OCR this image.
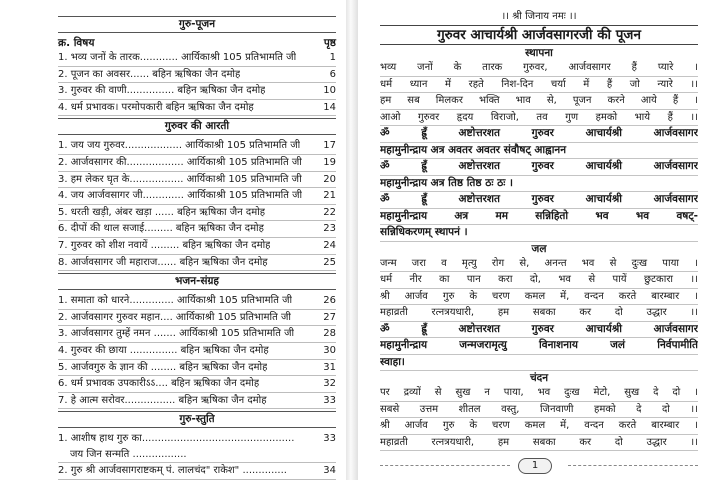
गुरु-पूजन
क्र. विषय	पृष्ठ
1. भव्य जनों के तारक............ आर्यिकाश्री 105 प्रतिभामति जी	1
2. पूजन का अवसर...... बहिन ऋषिका जैन दमोह	6
3. गुरुवर की वाणी............... बहिन ऋषिका जैन दमोह	10
4. धर्म प्रभावक। परमोपकारी बहिन ऋषिका जैन दमोह	14
गुरुवर की आरती
1. जय जय गुरुवर.................. आर्यिकाश्री 105 प्रतिभामति जी	17
2. आर्जवसागर की.................. आर्यिकाश्री 105 प्रतिभामति जी	19
3. हम लेकर घृत के................. आर्यिकाश्री 105 प्रतिभामति जी	20
4. जय आर्जवसागर जी............. आर्यिकाश्री 105 प्रतिभामति जी	21
5. धरती खड़ी, अंबर खड़ा ...... बहिन ऋषिका जैन दमोह	22
6. दीपों की थाल सजाई......... बहिन ऋषिका जैन दमोह	23
7. गुरुवर को शीश नवायें ......... बहिन ऋषिका जैन दमोह	24
8. आर्जवसागर जी महाराज...... बहिन ऋषिका जैन दमोह	25
भजन-संग्रह
1. समाता को धारने.............. आर्यिकाश्री 105 प्रतिभामति जी	26
2. आर्जवसागर गुरुवर महान.... आर्यिकाश्री 105 प्रतिभामति जी	27
3. आर्जवसागर तुम्हें नमन ....... आर्यिकाश्री 105 प्रतिभामति जी	28
4. गुरुवर की छाया ............... बहिन ऋषिका जैन दमोह	30
5. आर्जवगुरु के ज्ञान की ........ बहिन ऋषिका जैन दमोह	31
6. धर्म प्रभावक उपकारीऽऽ.... बहिन ऋषिका जैन दमोह	32
7. हे आत्म सरोवर................ बहिन ऋषिका जैन दमोह	33
गुरु-स्तुति
1. आशीष हाथ गुरु का................................................	33
जय जिन सन्मति .................
2. गुरु श्री आर्जवसागराष्टकम् पं. लालचंद" राकेश" ..............	34
।। श्री जिनाय नमः ।।
गुरुवर आचार्यश्री आर्जवसागरजी की पूजन
स्थापना
भव्य जनों के तारक गुरुवर, आर्जवसागर हैं प्यारे ।
धर्म ध्यान में रहते निश-दिन चर्या में हैं जो न्यारे ।।
हम सब मिलकर भक्ति भाव से, पूजन करने आये हैं ।
आओ गुरुवर हृदय विराजो, तव गुण हमको भाये हैं ।।
ॐ ह्रूँ अष्टोत्तरशत गुरुवर आचार्यश्री आर्जवसागर
महामुनीन्द्राय अत्र अवतर अवतर संवौषट् आह्वानन
ॐ ह्रूँ अष्टोत्तरशत गुरुवर आचार्यश्री आर्जवसागर
महामुनीन्द्राय अत्र तिष्ठ तिष्ठ ठः ठः ।
ॐ ह्रूँ अष्टोत्तरशत गुरुवर आचार्यश्री आर्जवसागर
महामुनीन्द्राय अत्र मम सन्निहितो भव भव वषट्-
सन्निधिकरणम् स्थापनं ।
जल
जन्म जरा व मृत्यु रोग से, अनन्त भव से दुःख पाया ।
धर्म नीर का पान करा दो, भव से पायें छुटकारा ।।
श्री आर्जव गुरु के चरण कमल में, वन्दन करते बारम्बार ।
महाव्रती रत्नत्रयधारी, हम सबका कर दो उद्धार ।।
ॐ ह्रूँ अष्टोत्तरशत गुरुवर आचार्यश्री आर्जवसागर
महामुनीन्द्राय जन्मजरामृत्यु विनाशनाय जलं निर्वपामीति
स्वाहा।
चंदन
पर द्रव्यों से सुख न पाया, भव दुःख मेटो, सुख दे दो ।
सबसे उत्तम शीतल वस्तु, जिनवाणी हमको दे दो ।।
श्री आर्जव गुरु के चरण कमल में, वन्दन करते बारम्बार ।
महाव्रती रत्नत्रयधारी, हम सबका कर दो उद्धार ।।
1
